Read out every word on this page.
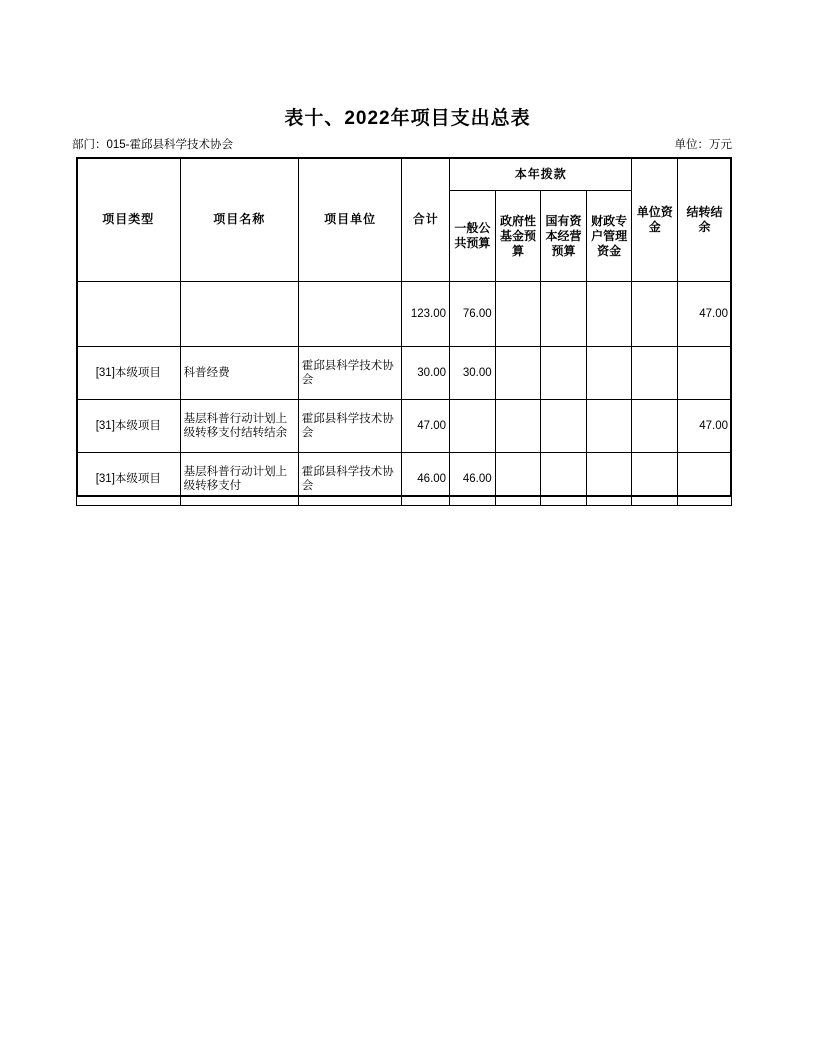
表十、2022年项目支出总表
部门：015-霍邱县科学技术协会	单位：万元
项目类型	项目名称	项目单位	合计	本年拨款				单位资金	结转结余
				一般公共预算	政府性基金预算	国有资本经营预算	财政专户管理资金		
			123.00	76.00					47.00
[31]本级项目	科普经费	霍邱县科学技术协会	30.00	30.00					
[31]本级项目	基层科普行动计划上级转移支付结转结余	霍邱县科学技术协会	47.00						47.00
[31]本级项目	基层科普行动计划上级转移支付	霍邱县科学技术协会	46.00	46.00					
